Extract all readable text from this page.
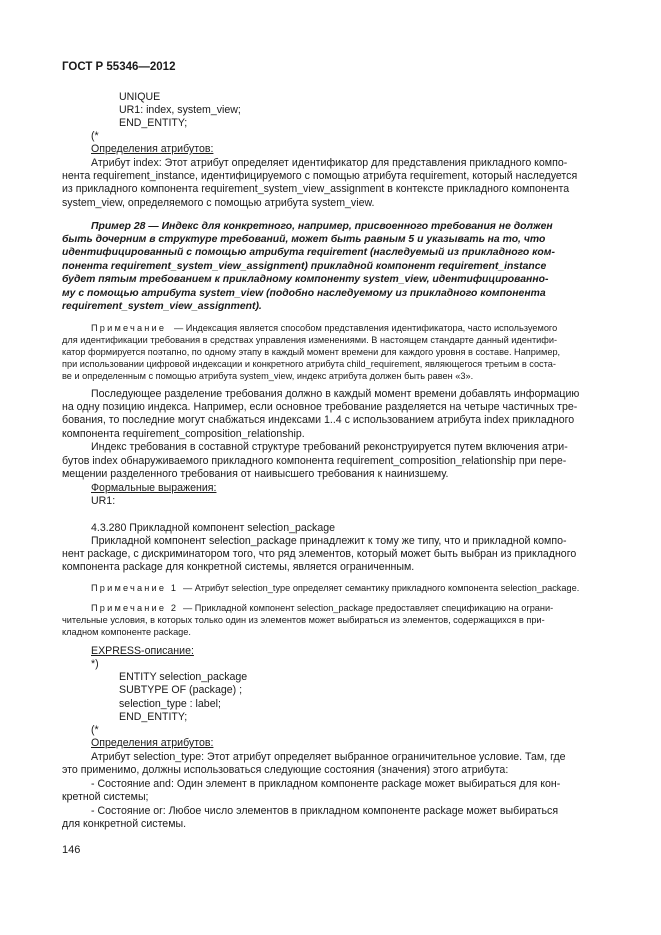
ГОСТ Р 55346—2012
UNIQUE
UR1: index, system_view;
END_ENTITY;
(*
Определения атрибутов:
Атрибут index: Этот атрибут определяет идентификатор для представления прикладного компо-
нента requirement_instance, идентифицируемого с помощью атрибута requirement, который наследуется
из прикладного компонента requirement_system_view_assignment в контексте прикладного компонента
system_view, определяемого с помощью атрибута system_view.
Пример 28 — Индекс для конкретного, например, присвоенного требования не должен
быть дочерним в структуре требований, может быть равным 5 и указывать на то, что
идентифицированный с помощью атрибута requirement (наследуемый из прикладного ком-
понента requirement_system_view_assignment) прикладной компонент requirement_instance
будет пятым требованием к прикладному компоненту system_view, идентифицированно-
му с помощью атрибута system_view (подобно наследуемому из прикладного компонента
requirement_system_view_assignment).
Примечание — Индексация является способом представления идентификатора, часто используемого
для идентификации требования в средствах управления изменениями. В настоящем стандарте данный идентифи-
катор формируется поэтапно, по одному этапу в каждый момент времени для каждого уровня в составе. Например,
при использовании цифровой индексации и конкретного атрибута child_requirement, являющегося третьим в соста-
ве и определенным с помощью атрибута system_view, индекс атрибута должен быть равен «3».
Последующее разделение требования должно в каждый момент времени добавлять информацию
на одну позицию индекса. Например, если основное требование разделяется на четыре частичных тре-
бования, то последние могут снабжаться индексами 1..4 с использованием атрибута index прикладного
компонента requirement_composition_relationship.
Индекс требования в составной структуре требований реконструируется путем включения атри-
бутов index обнаруживаемого прикладного компонента requirement_composition_relationship при пере-
мещении разделенного требования от наивысшего требования к наинизшему.
Формальные выражения:
UR1:
4.3.280 Прикладной компонент selection_package
Прикладной компонент selection_package принадлежит к тому же типу, что и прикладной компо-
нент package, с дискриминатором того, что ряд элементов, который может быть выбран из прикладного
компонента package для конкретной системы, является ограниченным.
Примечание 1 — Атрибут selection_type определяет семантику прикладного компонента selection_package.
Примечание 2 — Прикладной компонент selection_package предоставляет спецификацию на ограни-
чительные условия, в которых только один из элементов может выбираться из элементов, содержащихся в при-
кладном компоненте package.
EXPRESS-описание:
*)
ENTITY selection_package
SUBTYPE OF (package) ;
selection_type : label;
END_ENTITY;
(*
Определения атрибутов:
Атрибут selection_type: Этот атрибут определяет выбранное ограничительное условие. Там, где
это применимо, должны использоваться следующие состояния (значения) этого атрибута:
- Состояние and: Один элемент в прикладном компоненте package может выбираться для кон-
кретной системы;
- Состояние or: Любое число элементов в прикладном компоненте package может выбираться
для конкретной системы.
146
